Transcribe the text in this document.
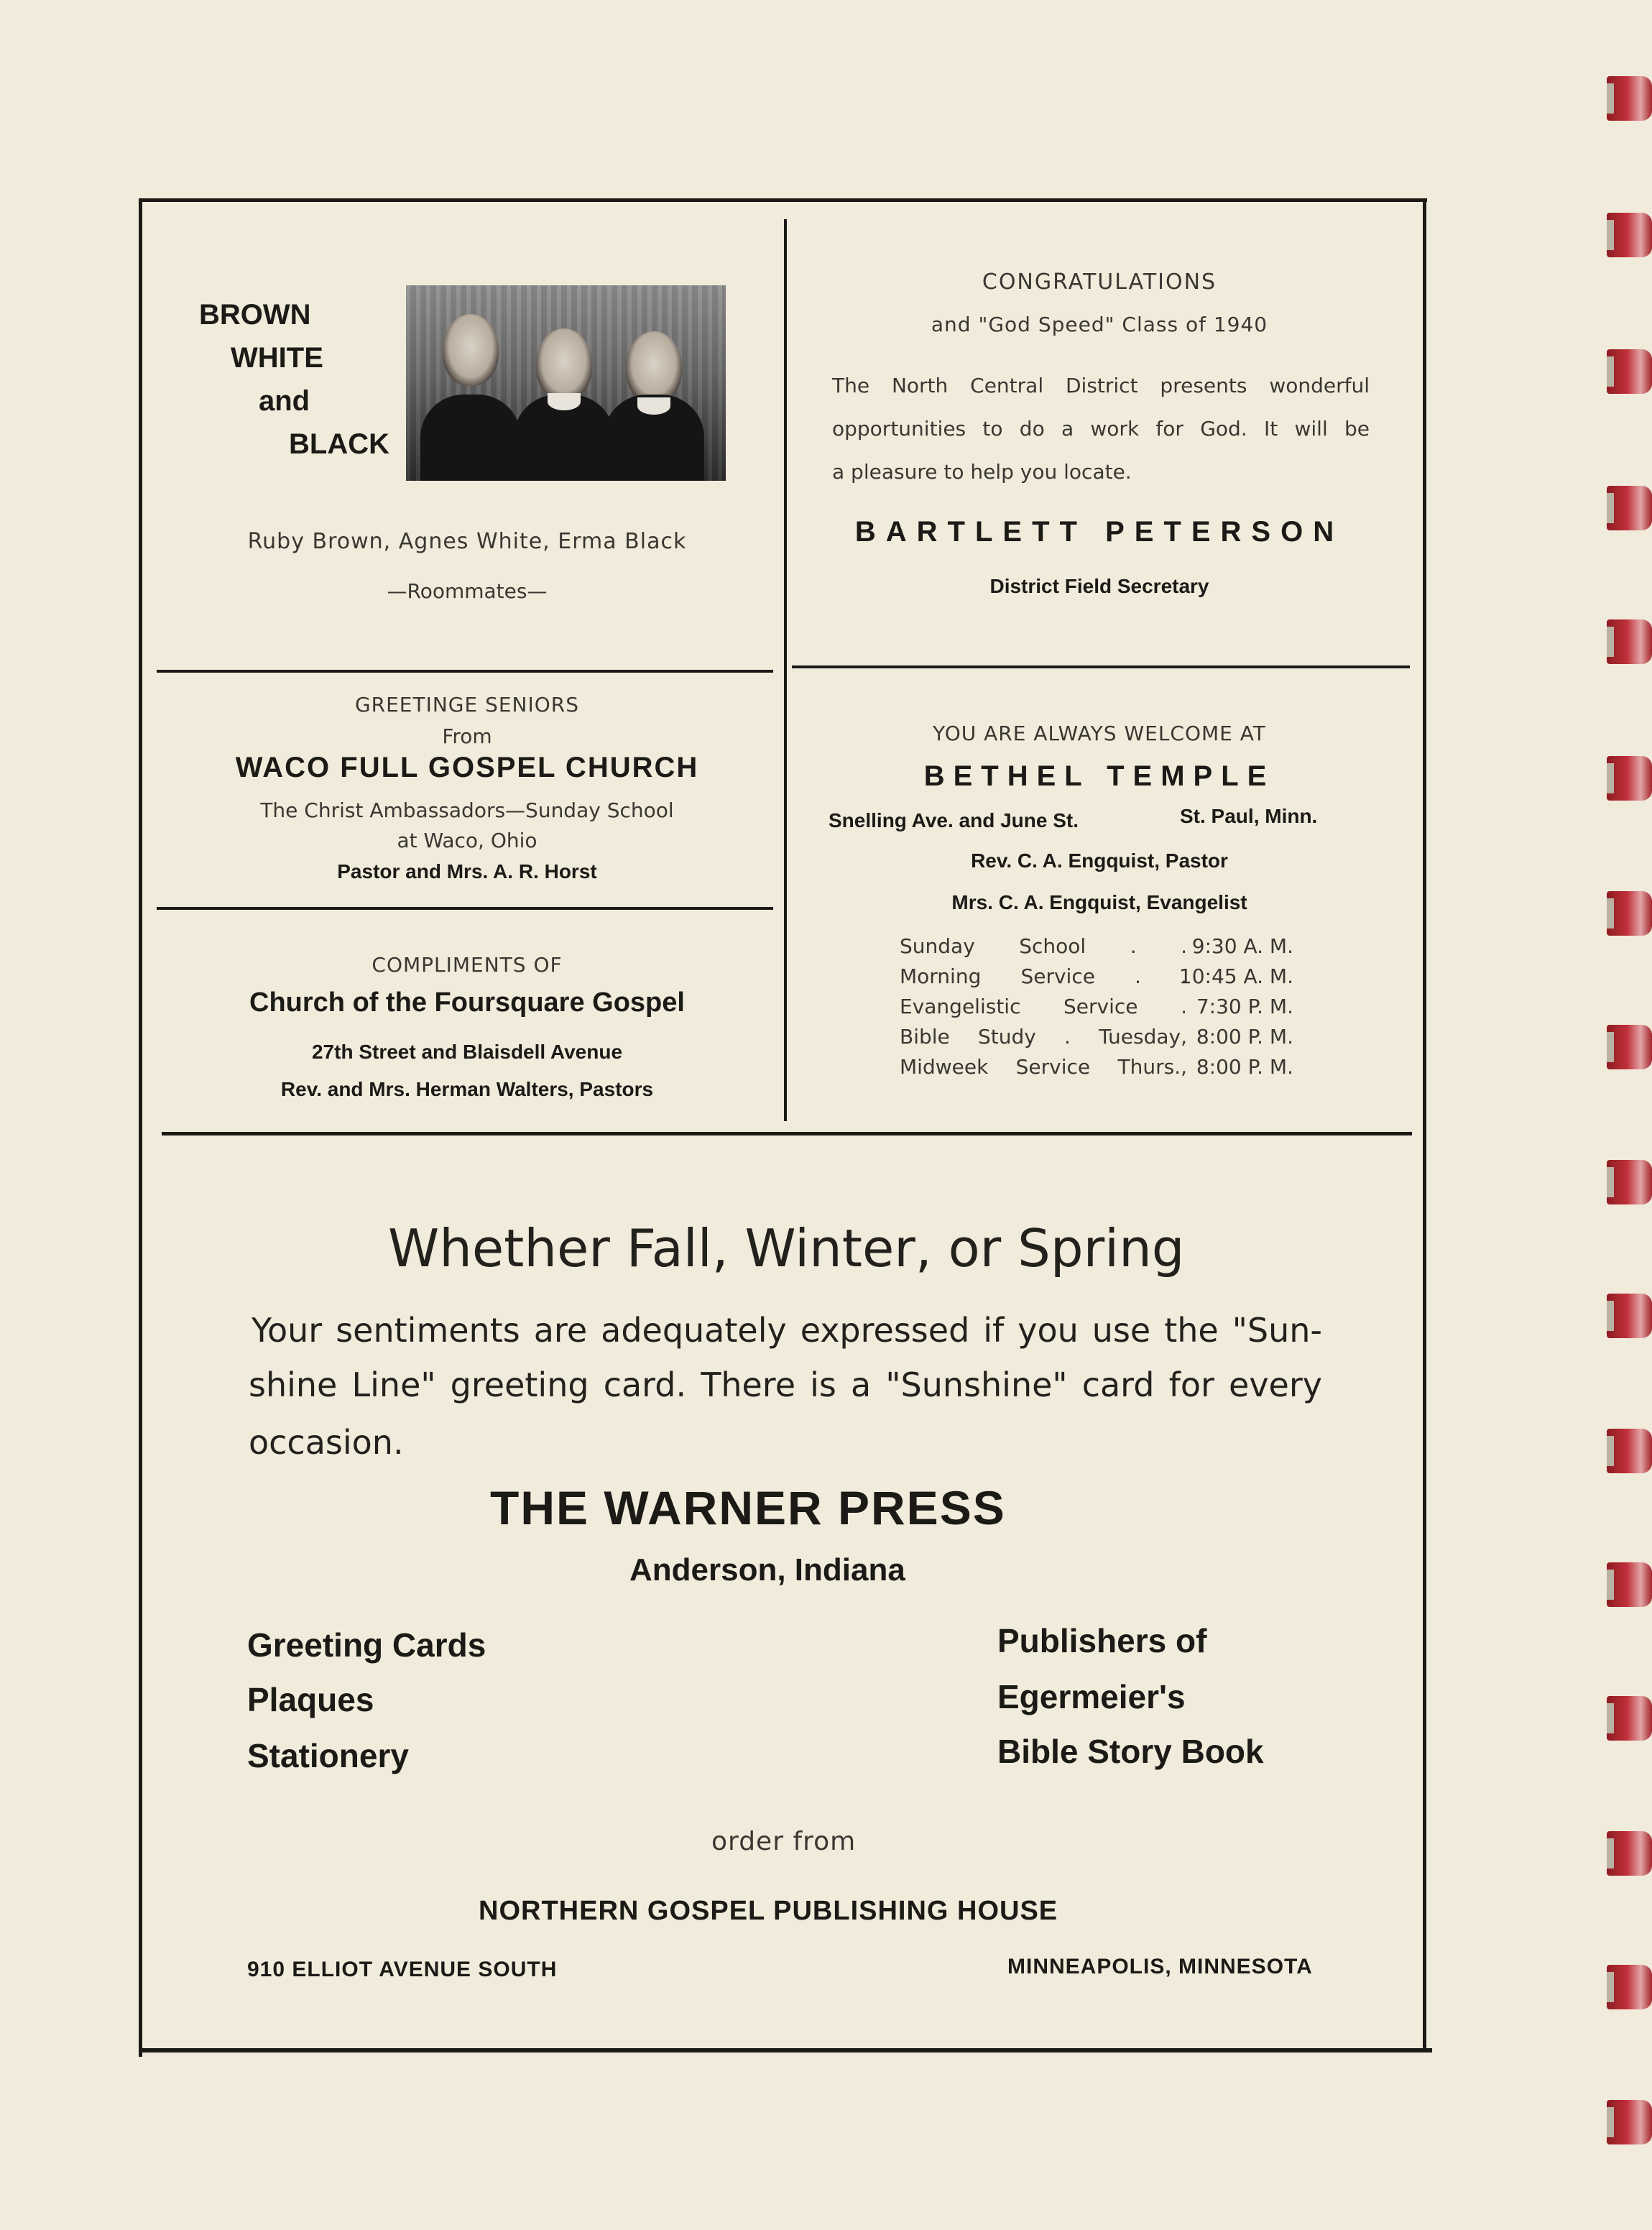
BROWN
WHITE
and
BLACK
Ruby Brown, Agnes White, Erma Black
—Roommates—
CONGRATULATIONS
and "God Speed" Class of 1940
The North Central District presents wonderful
opportunities to do a work for God. It will be
a pleasure to help you locate.
BARTLETT PETERSON
District Field Secretary
GREETINGE SENIORS
From
WACO FULL GOSPEL CHURCH
The Christ Ambassadors—Sunday School
at Waco, Ohio
Pastor and Mrs. A. R. Horst
COMPLIMENTS OF
Church of the Foursquare Gospel
27th Street and Blaisdell Avenue
Rev. and Mrs. Herman Walters, Pastors
YOU ARE ALWAYS WELCOME AT
BETHEL TEMPLE
Snelling Ave. and June St.	St. Paul, Minn.
Rev. C. A. Engquist, Pastor
Mrs. C. A. Engquist, Evangelist
Sunday School . . 9:30 A. M.
Morning Service . .
10:45 A. M.
Evangelistic Service . 7:30 P. M.
Bible Study . Tuesday, 8:00 P. M.
Midweek Service Thurs., 8:00 P. M.
Whether Fall, Winter, or Spring
Your sentiments are adequately expressed if you use the "Sun-
shine Line" greeting card. There is a "Sunshine" card for every
occasion.
THE WARNER PRESS
Anderson, Indiana
Greeting Cards
Plaques
Stationery
Publishers of
Egermeier's
Bible Story Book
order from
NORTHERN GOSPEL PUBLISHING HOUSE
910 ELLIOT AVENUE SOUTH	MINNEAPOLIS, MINNESOTA
